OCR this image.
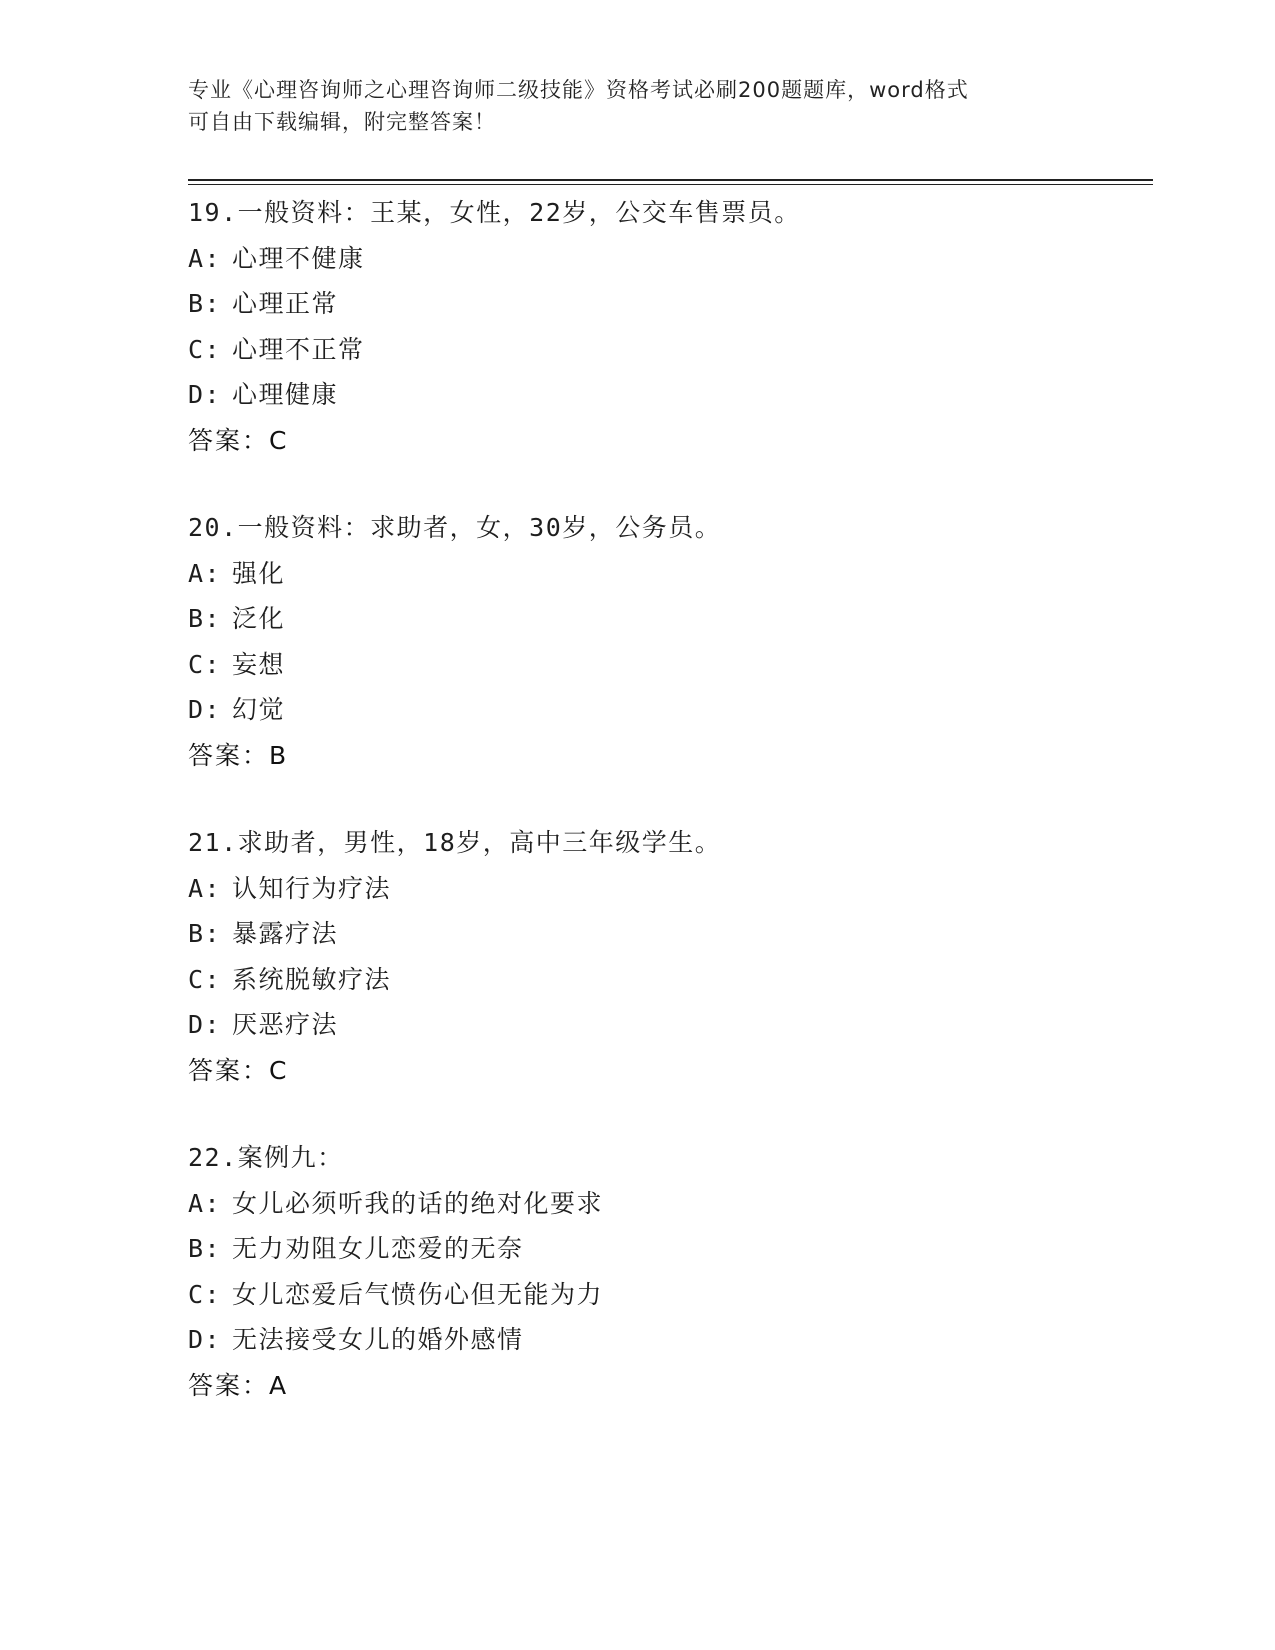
专业《心理咨询师之心理咨询师二级技能》资格考试必刷200题题库，word格式
可自由下载编辑，附完整答案！
19.一般资料：王某，女性，22岁，公交车售票员。
A: 心理不健康
B: 心理正常
C: 心理不正常
D: 心理健康
答案：C
20.一般资料：求助者，女，30岁，公务员。
A: 强化
B: 泛化
C: 妄想
D: 幻觉
答案：B
21.求助者，男性，18岁，高中三年级学生。
A: 认知行为疗法
B: 暴露疗法
C: 系统脱敏疗法
D: 厌恶疗法
答案：C
22.案例九：
A: 女儿必须听我的话的绝对化要求
B: 无力劝阻女儿恋爱的无奈
C: 女儿恋爱后气愤伤心但无能为力
D: 无法接受女儿的婚外感情
答案：A
